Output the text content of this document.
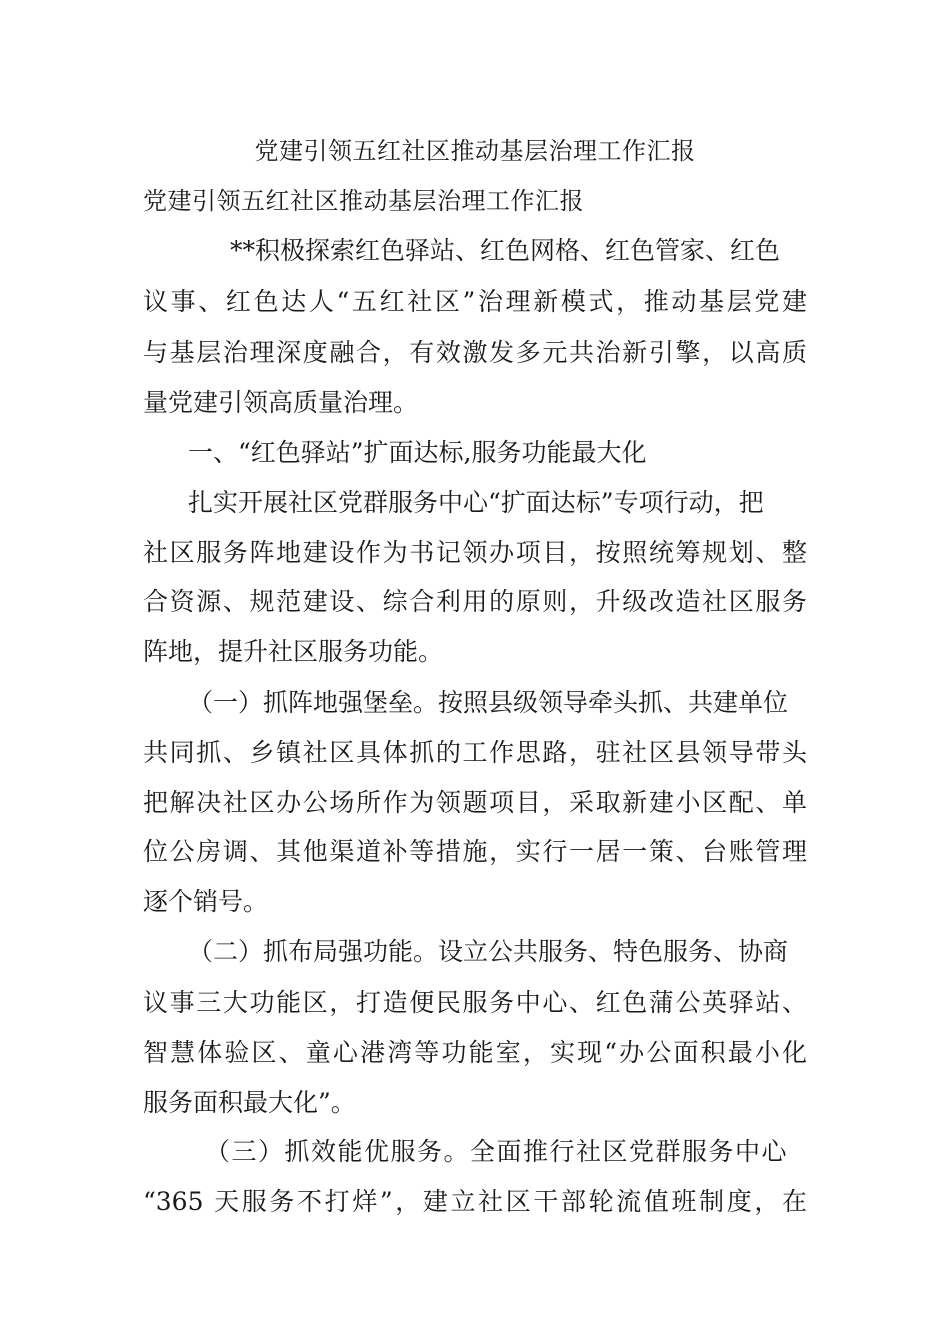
党建引领五红社区推动基层治理工作汇报
党建引领五红社区推动基层治理工作汇报
**积极探索红色驿站、红色网格、红色管家、红色
议事、红色达人“五红社区”治理新模式，推动基层党建
与基层治理深度融合，有效激发多元共治新引擎，以高质
量党建引领高质量治理。
一、“红色驿站”扩面达标,服务功能最大化
扎实开展社区党群服务中心“扩面达标”专项行动，把
社区服务阵地建设作为书记领办项目，按照统筹规划、整
合资源、规范建设、综合利用的原则，升级改造社区服务
阵地，提升社区服务功能。
（一）抓阵地强堡垒。按照县级领导牵头抓、共建单位
共同抓、乡镇社区具体抓的工作思路，驻社区县领导带头
把解决社区办公场所作为领题项目，采取新建小区配、单
位公房调、其他渠道补等措施，实行一居一策、台账管理
逐个销号。
（二）抓布局强功能。设立公共服务、特色服务、协商
议事三大功能区，打造便民服务中心、红色蒲公英驿站、
智慧体验区、童心港湾等功能室，实现“办公面积最小化
服务面积最大化”。
（三）抓效能优服务。全面推行社区党群服务中心
“365 天服务不打烊”，建立社区干部轮流值班制度，在
